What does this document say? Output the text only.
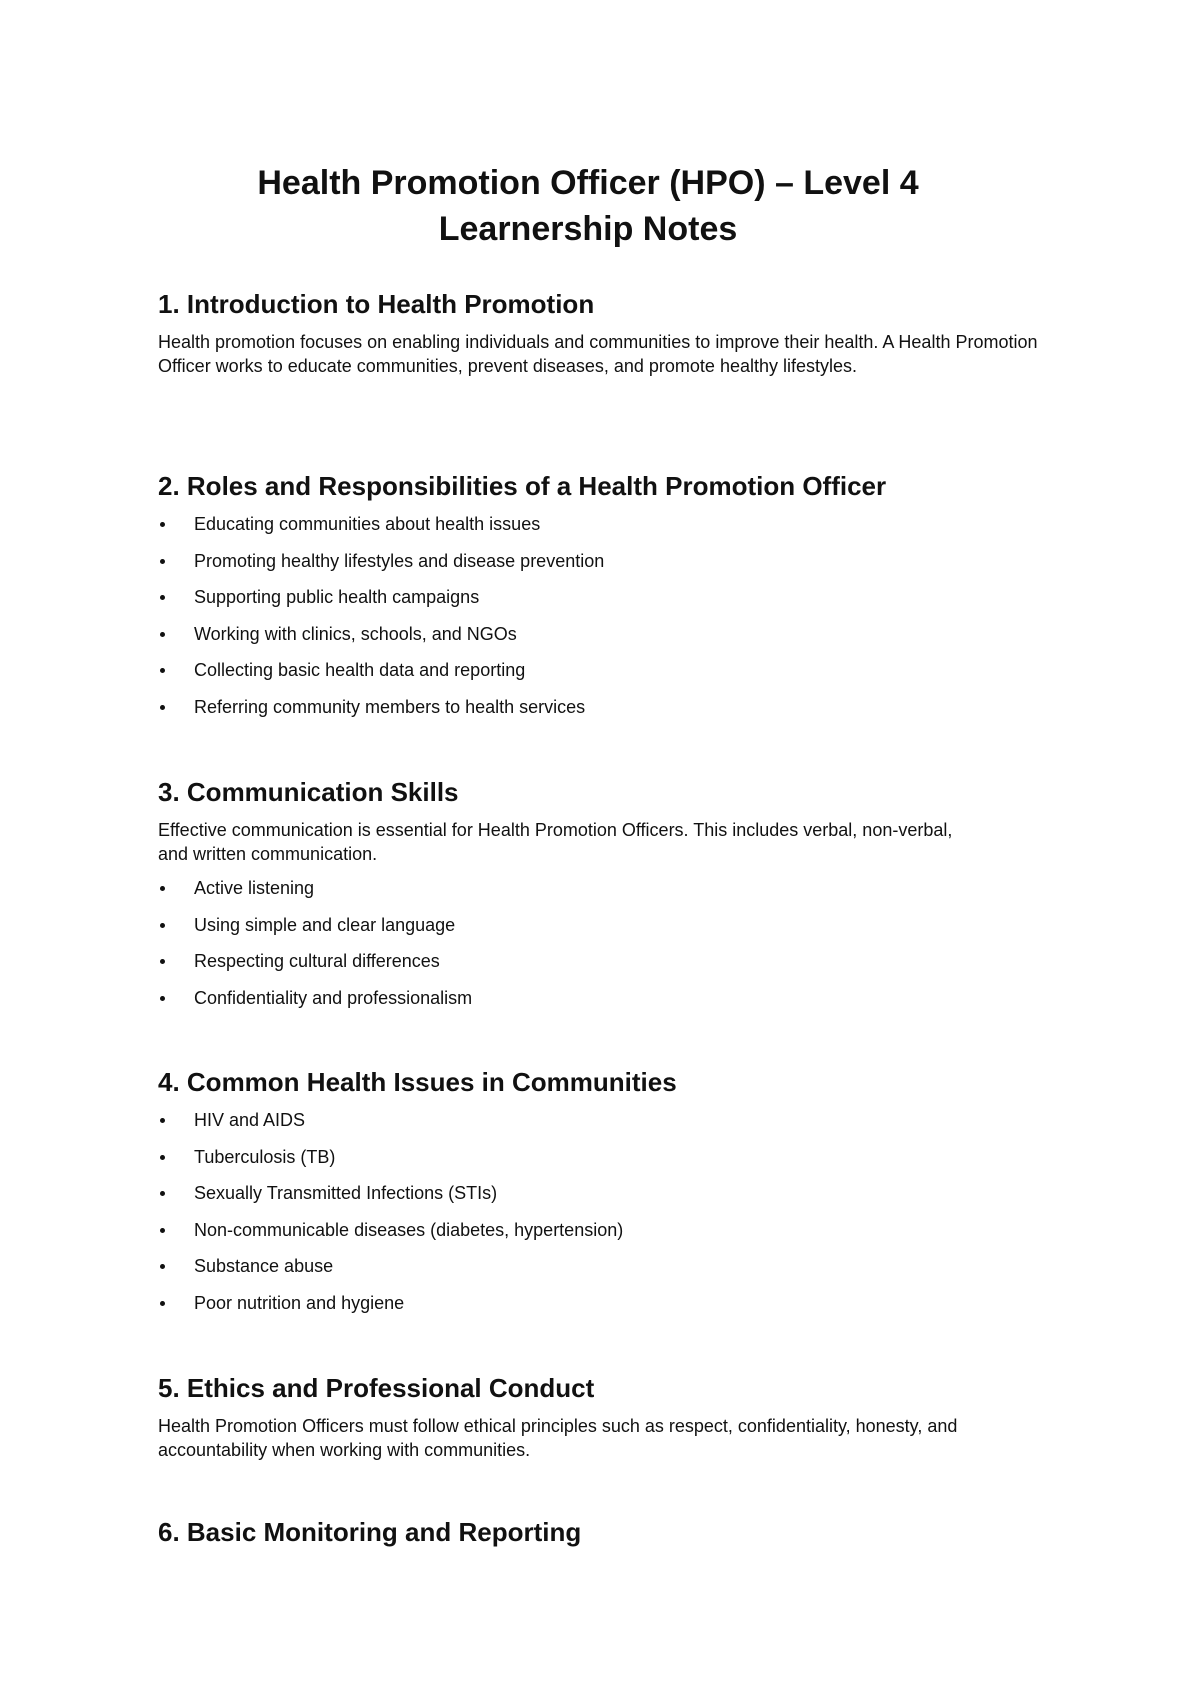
Health Promotion Officer (HPO) – Level 4
Learnership Notes
1. Introduction to Health Promotion

Health promotion focuses on enabling individuals and communities to improve their health. A Health Promotion Officer works to educate communities, prevent diseases, and promote healthy lifestyles.

2. Roles and Responsibilities of a Health Promotion Officer
Educating communities about health issues
Promoting healthy lifestyles and disease prevention
Supporting public health campaigns
Working with clinics, schools, and NGOs
Collecting basic health data and reporting
Referring community members to health services
3. Communication Skills

Effective communication is essential for Health Promotion Officers. This includes verbal, non-verbal, and written communication.

Active listening
Using simple and clear language
Respecting cultural differences
Confidentiality and professionalism
4. Common Health Issues in Communities
HIV and AIDS
Tuberculosis (TB)
Sexually Transmitted Infections (STIs)
Non-communicable diseases (diabetes, hypertension)
Substance abuse
Poor nutrition and hygiene
5. Ethics and Professional Conduct

Health Promotion Officers must follow ethical principles such as respect, confidentiality, honesty, and accountability when working with communities.

6. Basic Monitoring and Reporting
